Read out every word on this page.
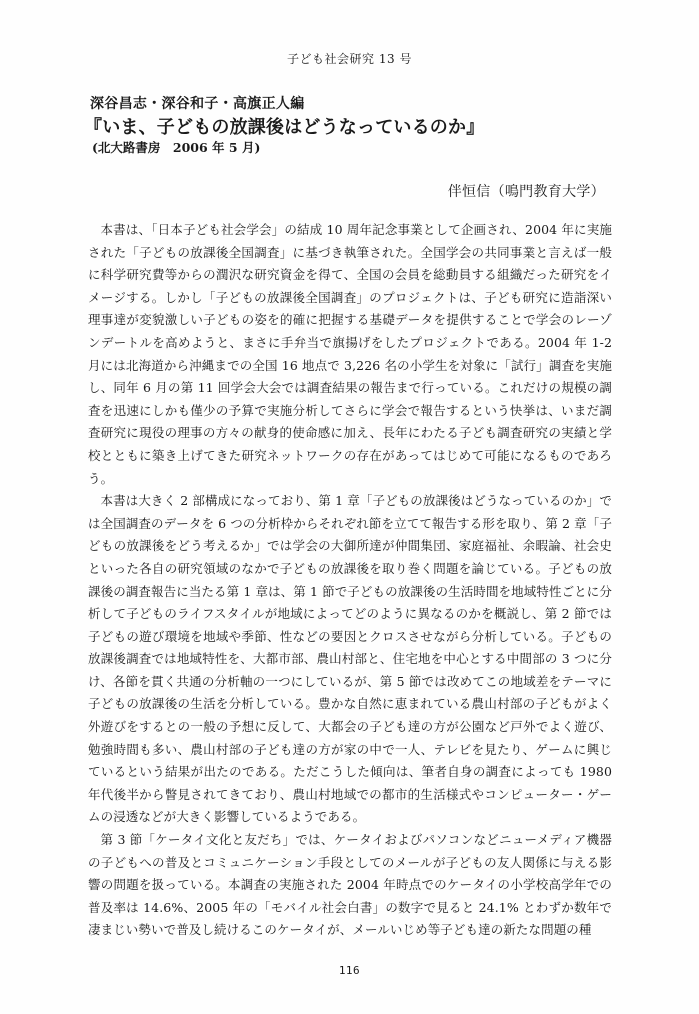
子ども社会研究 13 号
深谷昌志・深谷和子・高旗正人編
『いま、子どもの放課後はどうなっているのか』
(北大路書房　2006 年 5 月)
伴恒信（鳴門教育大学）

本書は、「日本子ども社会学会」の結成 10 周年記念事業として企画され、2004 年に実施された「子どもの放課後全国調査」に基づき執筆された。全国学会の共同事業と言えば一般に科学研究費等からの潤沢な研究資金を得て、全国の会員を総動員する組織だった研究をイメージする。しかし「子どもの放課後全国調査」のプロジェクトは、子ども研究に造詣深い理事達が変貌激しい子どもの姿を的確に把握する基礎データを提供することで学会のレーゾンデートルを高めようと、まさに手弁当で旗揚げをしたプロジェクトである。2004 年 1-2 月には北海道から沖縄までの全国 16 地点で 3,226 名の小学生を対象に「試行」調査を実施し、同年 6 月の第 11 回学会大会では調査結果の報告まで行っている。これだけの規模の調査を迅速にしかも僅少の予算で実施分析してさらに学会で報告するという快挙は、いまだ調査研究に現役の理事の方々の献身的使命感に加え、長年にわたる子ども調査研究の実績と学校とともに築き上げてきた研究ネットワークの存在があってはじめて可能になるものであろう。

本書は大きく 2 部構成になっており、第 1 章「子どもの放課後はどうなっているのか」では全国調査のデータを 6 つの分析枠からそれぞれ節を立てて報告する形を取り、第 2 章「子どもの放課後をどう考えるか」では学会の大御所達が仲間集団、家庭福祉、余暇論、社会史といった各自の研究領域のなかで子どもの放課後を取り巻く問題を論じている。子どもの放課後の調査報告に当たる第 1 章は、第 1 節で子どもの放課後の生活時間を地域特性ごとに分析して子どものライフスタイルが地域によってどのように異なるのかを概説し、第 2 節では子どもの遊び環境を地域や季節、性などの要因とクロスさせながら分析している。子どもの放課後調査では地域特性を、大都市部、農山村部と、住宅地を中心とする中間部の 3 つに分け、各節を貫く共通の分析軸の一つにしているが、第 5 節では改めてこの地域差をテーマに子どもの放課後の生活を分析している。豊かな自然に恵まれている農山村部の子どもがよく外遊びをするとの一般の予想に反して、大都会の子ども達の方が公園など戸外でよく遊び、勉強時間も多い、農山村部の子ども達の方が家の中で一人、テレビを見たり、ゲームに興じているという結果が出たのである。ただこうした傾向は、筆者自身の調査によっても 1980 年代後半から瞥見されてきており、農山村地域での都市的生活様式やコンピューター・ゲームの浸透などが大きく影響しているようである。

第 3 節「ケータイ文化と友だち」では、ケータイおよびパソコンなどニューメディア機器の子どもへの普及とコミュニケーション手段としてのメールが子どもの友人関係に与える影響の問題を扱っている。本調査の実施された 2004 年時点でのケータイの小学校高学年での普及率は 14.6%、2005 年の「モバイル社会白書」の数字で見ると 24.1% とわずか数年で凄まじい勢いで普及し続けるこのケータイが、メールいじめ等子ども達の新たな問題の種

116
